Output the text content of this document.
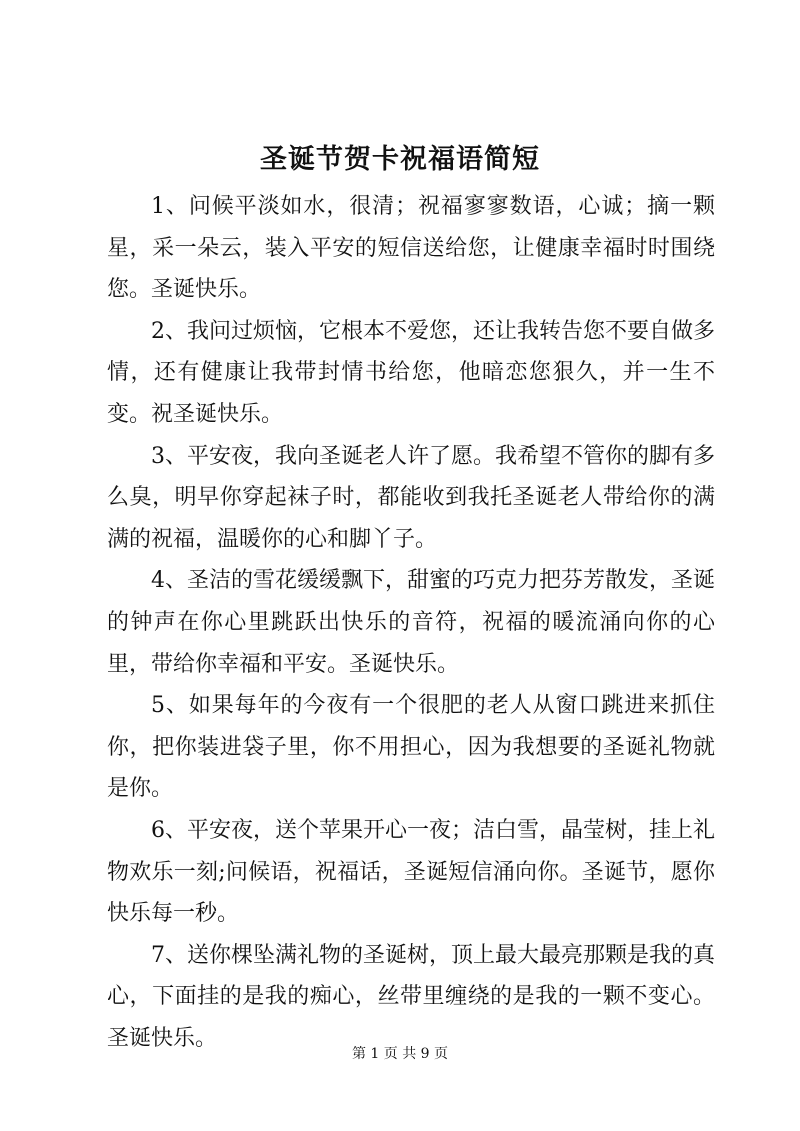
圣诞节贺卡祝福语简短

1、问候平淡如水，很清；祝福寥寥数语，心诚；摘一颗星，采一朵云，装入平安的短信送给您，让健康幸福时时围绕您。圣诞快乐。

2、我问过烦恼，它根本不爱您，还让我转告您不要自做多情，还有健康让我带封情书给您，他暗恋您狠久，并一生不变。祝圣诞快乐。

3、平安夜，我向圣诞老人许了愿。我希望不管你的脚有多么臭，明早你穿起袜子时，都能收到我托圣诞老人带给你的满满的祝福，温暖你的心和脚丫子。

4、圣洁的雪花缓缓飘下，甜蜜的巧克力把芬芳散发，圣诞的钟声在你心里跳跃出快乐的音符，祝福的暖流涌向你的心里，带给你幸福和平安。圣诞快乐。

5、如果每年的今夜有一个很肥的老人从窗口跳进来抓住你，把你装进袋子里，你不用担心，因为我想要的圣诞礼物就是你。

6、平安夜，送个苹果开心一夜；洁白雪，晶莹树，挂上礼物欢乐一刻;问候语，祝福话，圣诞短信涌向你。圣诞节，愿你快乐每一秒。

7、送你棵坠满礼物的圣诞树，顶上最大最亮那颗是我的真心，下面挂的是我的痴心，丝带里缠绕的是我的一颗不变心。圣诞快乐。

第 1 页 共 9 页
